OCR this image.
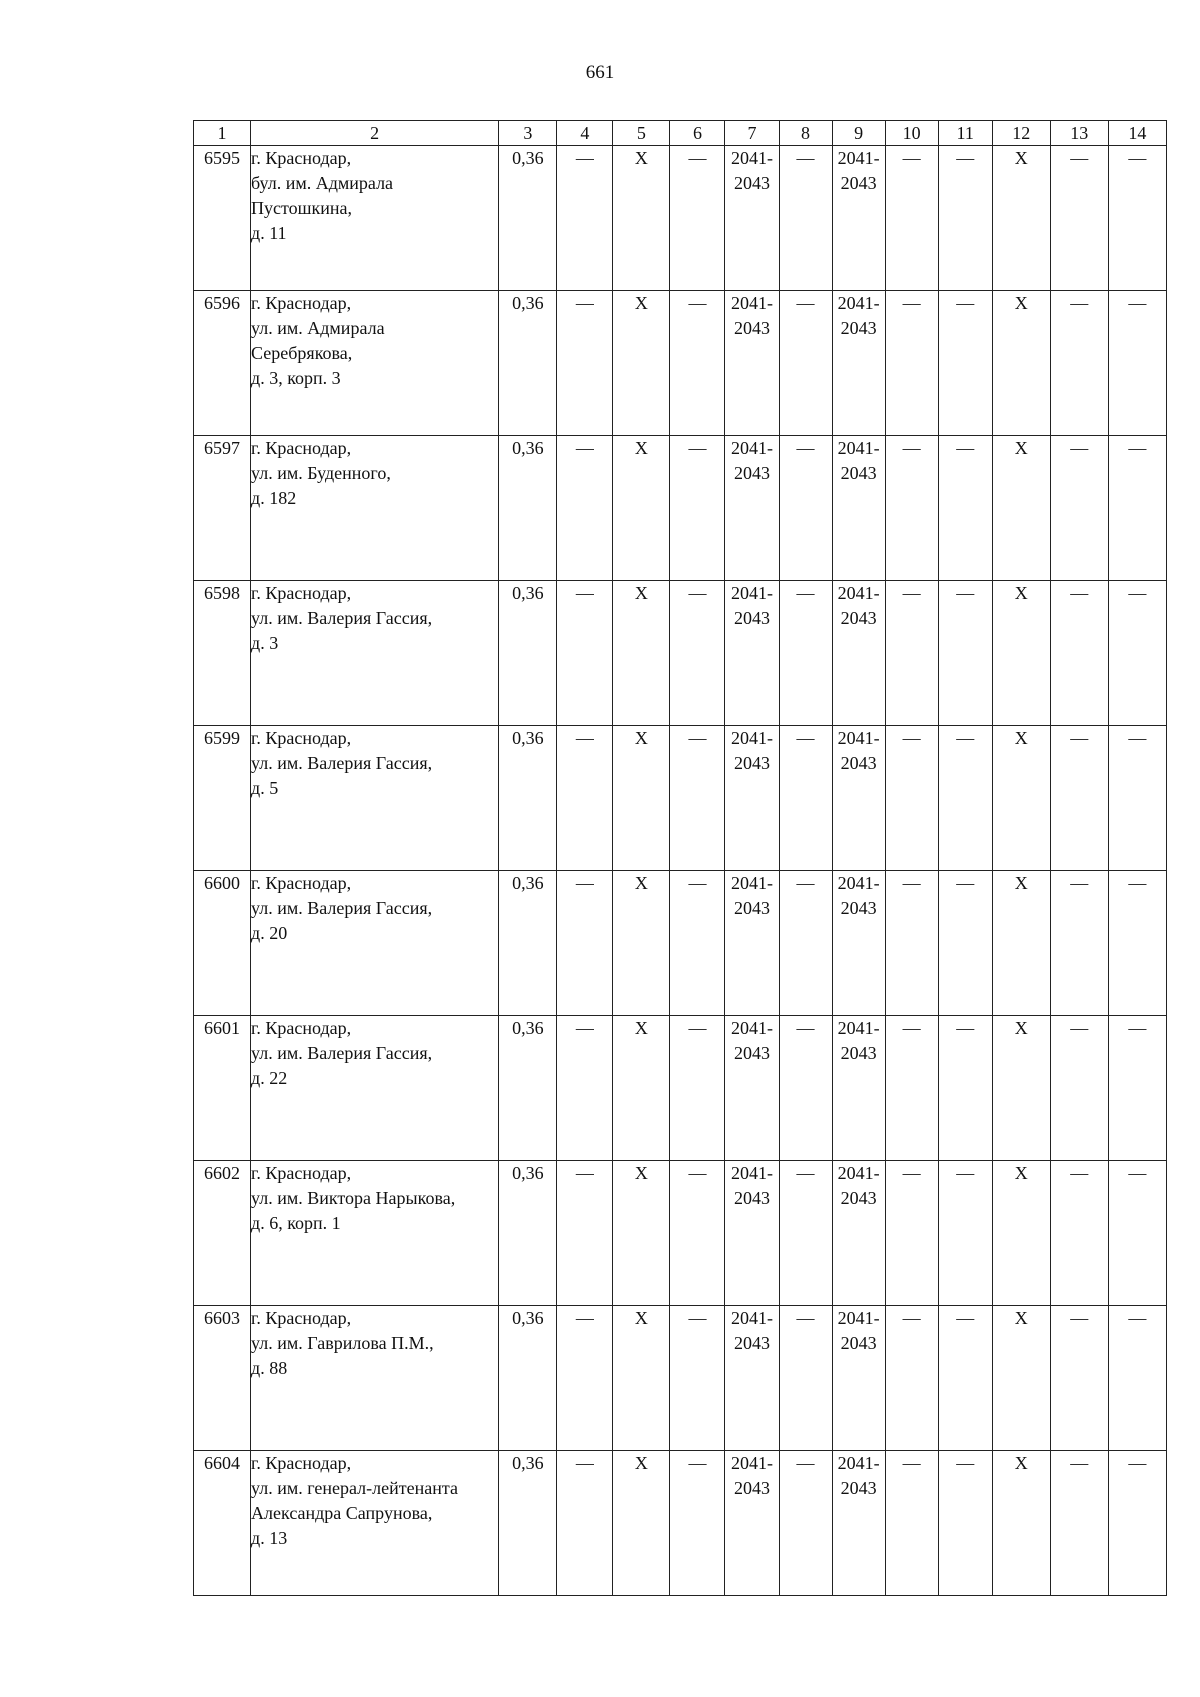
661
1	2	3	4	5	6	7	8	9	10	11	12	13	14
6595	г. Краснодар,
бул. им. Адмирала
Пустошкина,
д. 11	0,36	—	X	—	2041-
2043	—	2041-
2043	—	—	X	—	—
6596	г. Краснодар,
ул. им. Адмирала
Серебрякова,
д. 3, корп. 3	0,36	—	X	—	2041-
2043	—	2041-
2043	—	—	X	—	—
6597	г. Краснодар,
ул. им. Буденного,
д. 182	0,36	—	X	—	2041-
2043	—	2041-
2043	—	—	X	—	—
6598	г. Краснодар,
ул. им. Валерия Гассия,
д. 3	0,36	—	X	—	2041-
2043	—	2041-
2043	—	—	X	—	—
6599	г. Краснодар,
ул. им. Валерия Гассия,
д. 5	0,36	—	X	—	2041-
2043	—	2041-
2043	—	—	X	—	—
6600	г. Краснодар,
ул. им. Валерия Гассия,
д. 20	0,36	—	X	—	2041-
2043	—	2041-
2043	—	—	X	—	—
6601	г. Краснодар,
ул. им. Валерия Гассия,
д. 22	0,36	—	X	—	2041-
2043	—	2041-
2043	—	—	X	—	—
6602	г. Краснодар,
ул. им. Виктора Нарыкова,
д. 6, корп. 1	0,36	—	X	—	2041-
2043	—	2041-
2043	—	—	X	—	—
6603	г. Краснодар,
ул. им. Гаврилова П.М.,
д. 88	0,36	—	X	—	2041-
2043	—	2041-
2043	—	—	X	—	—
6604	г. Краснодар,
ул. им. генерал-лейтенанта
Александра Сапрунова,
д. 13	0,36	—	X	—	2041-
2043	—	2041-
2043	—	—	X	—	—
